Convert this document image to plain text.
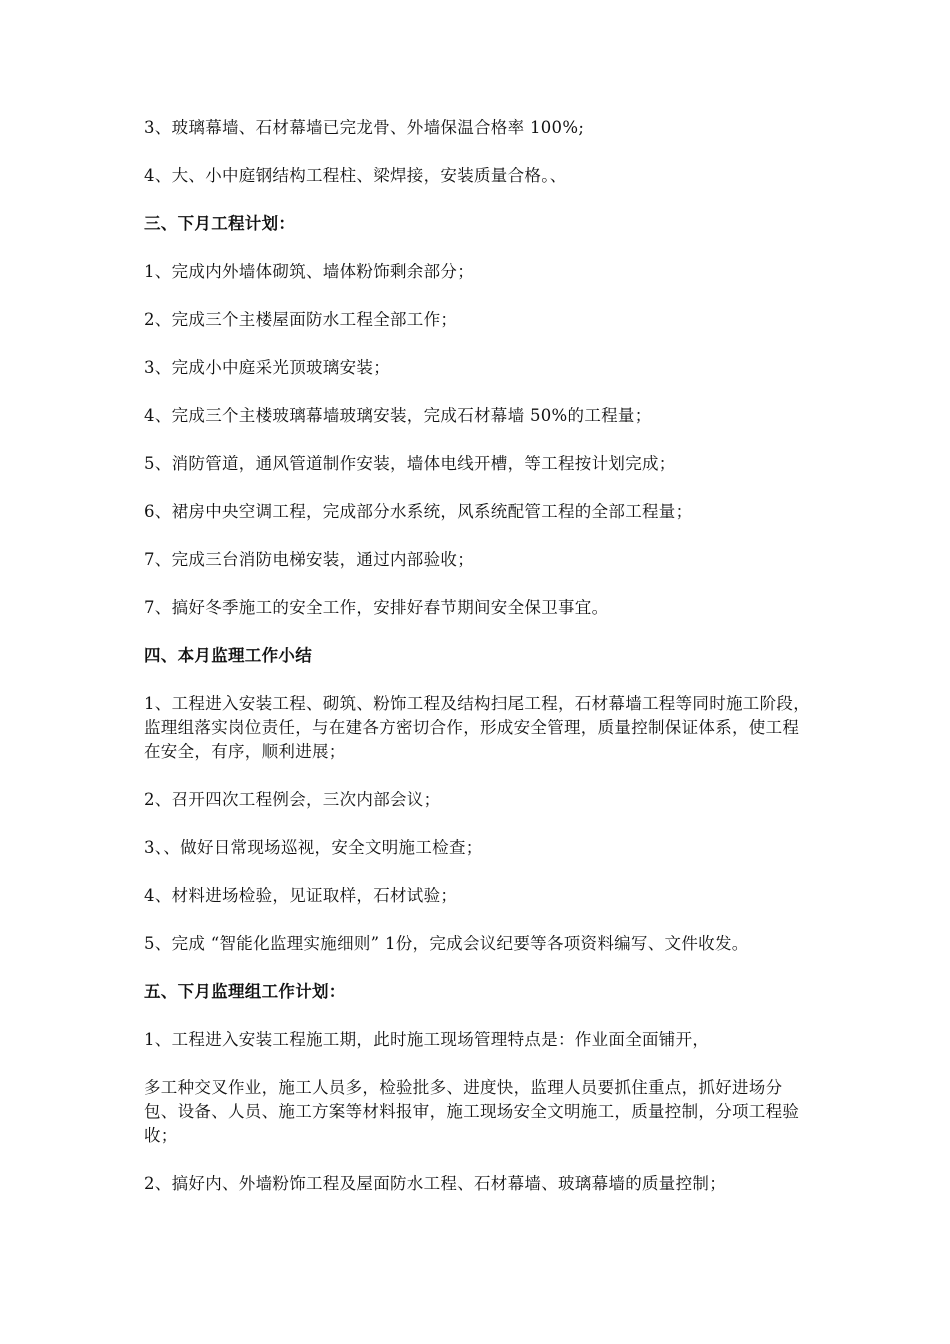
3、玻璃幕墙、石材幕墙已完龙骨、外墙保温合格率 100%;

4、大、小中庭钢结构工程柱、梁焊接，安装质量合格。、

三、下月工程计划：

1、完成内外墙体砌筑、墙体粉饰剩余部分；

2、完成三个主楼屋面防水工程全部工作；

3、完成小中庭采光顶玻璃安装；

4、完成三个主楼玻璃幕墙玻璃安装，完成石材幕墙 50%的工程量；

5、消防管道，通风管道制作安装，墙体电线开槽，等工程按计划完成；

6、裙房中央空调工程，完成部分水系统，风系统配管工程的全部工程量；

7、完成三台消防电梯安装，通过内部验收；

7、搞好冬季施工的安全工作，安排好春节期间安全保卫事宜。

四、本月监理工作小结

1、工程进入安装工程、砌筑、粉饰工程及结构扫尾工程，石材幕墙工程等同时施工阶段，监理组落实岗位责任，与在建各方密切合作，形成安全管理，质量控制保证体系，使工程在安全，有序，顺利进展；

2、召开四次工程例会，三次内部会议；

3、、做好日常现场巡视，安全文明施工检查；

4、材料进场检验，见证取样，石材试验；

5、完成 “智能化监理实施细则” 1份，完成会议纪要等各项资料编写、文件收发。

五、下月监理组工作计划：

1、工程进入安装工程施工期，此时施工现场管理特点是：作业面全面铺开，

多工种交叉作业，施工人员多，检验批多、进度快，监理人员要抓住重点，抓好进场分包、设备、人员、施工方案等材料报审，施工现场安全文明施工，质量控制，分项工程验收；

2、搞好内、外墙粉饰工程及屋面防水工程、石材幕墙、玻璃幕墙的质量控制；
